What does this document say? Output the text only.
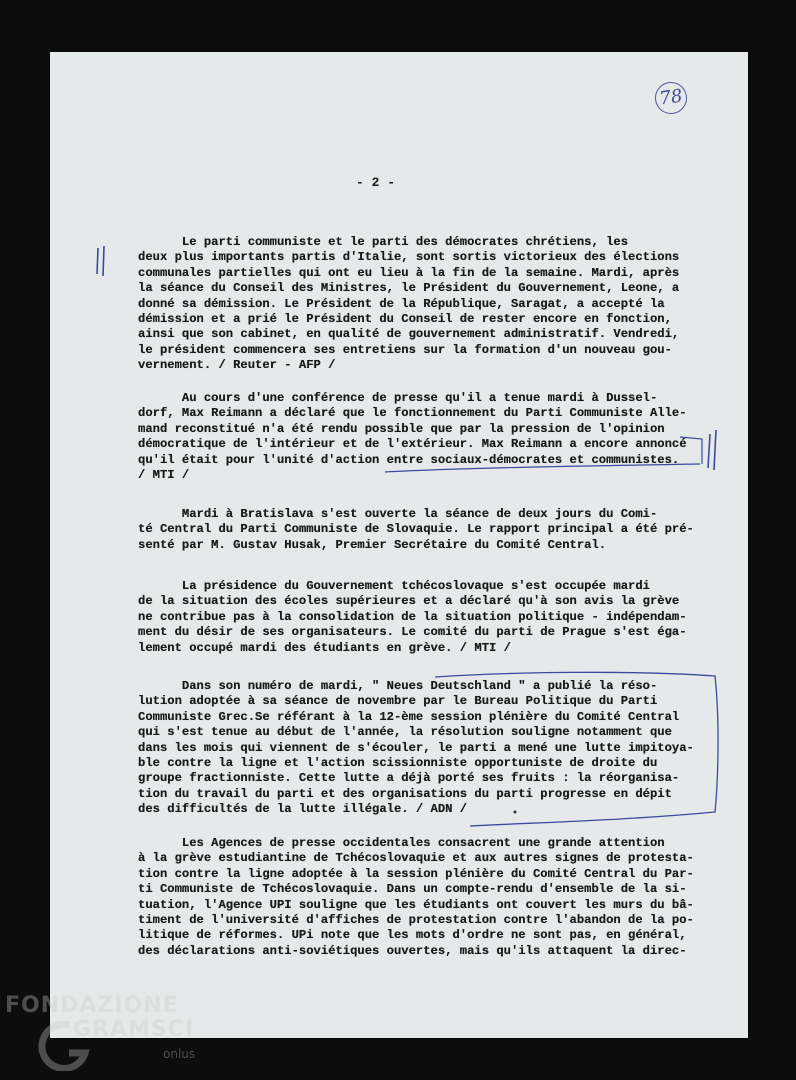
78
- 2 -
Le parti communiste et le parti des démocrates chrétiens, les
deux plus importants partis d'Italie, sont sortis victorieux des élections
communales partielles qui ont eu lieu à la fin de la semaine. Mardi, après
la séance du Conseil des Ministres, le Président du Gouvernement, Leone, a
donné sa démission. Le Président de la République, Saragat, a accepté la
démission et a prié le Président du Conseil de rester encore en fonction,
ainsi que son cabinet, en qualité de gouvernement administratif. Vendredi,
le président commencera ses entretiens sur la formation d'un nouveau gou-
vernement. / Reuter - AFP /
Au cours d'une conférence de presse qu'il a tenue mardi à Dussel-
dorf, Max Reimann a déclaré que le fonctionnement du Parti Communiste Alle-
mand reconstitué n'a été rendu possible que par la pression de l'opinion
démocratique de l'intérieur et de l'extérieur. Max Reimann a encore annoncé
qu'il était pour l'unité d'action entre sociaux-démocrates et communistes.
/ MTI /
Mardi à Bratislava s'est ouverte la séance de deux jours du Comi-
té Central du Parti Communiste de Slovaquie. Le rapport principal a été pré-
senté par M. Gustav Husak, Premier Secrétaire du Comité Central.
La présidence du Gouvernement tchécoslovaque s'est occupée mardi
de la situation des écoles supérieures et a déclaré qu'à son avis la grève
ne contribue pas à la consolidation de la situation politique - indépendam-
ment du désir de ses organisateurs. Le comité du parti de Prague s'est éga-
lement occupé mardi des étudiants en grève. / MTI /
Dans son numéro de mardi, " Neues Deutschland " a publié la réso-
lution adoptée à sa séance de novembre par le Bureau Politique du Parti
Communiste Grec.Se référant à la 12-ème session plénière du Comité Central
qui s'est tenue au début de l'année, la résolution souligne notamment que
dans les mois qui viennent de s'écouler, le parti a mené une lutte impitoya-
ble contre la ligne et l'action scissionniste opportuniste de droite du
groupe fractionniste. Cette lutte a déjà porté ses fruits : la réorganisa-
tion du travail du parti et des organisations du parti progresse en dépit
des difficultés de la lutte illégale. / ADN /
Les Agences de presse occidentales consacrent une grande attention
à la grève estudiantine de Tchécoslovaquie et aux autres signes de protesta-
tion contre la ligne adoptée à la session plénière du Comité Central du Par-
ti Communiste de Tchécoslovaquie. Dans un compte-rendu d'ensemble de la si-
tuation, l'Agence UPI souligne que les étudiants ont couvert les murs du bâ-
timent de l'université d'affiches de protestation contre l'abandon de la po-
litique de réformes. UPi note que les mots d'ordre ne sont pas, en général,
des déclarations anti-soviétiques ouvertes, mais qu'ils attaquent la direc-
FONDAZIONE
GRAMSCI
onlus
